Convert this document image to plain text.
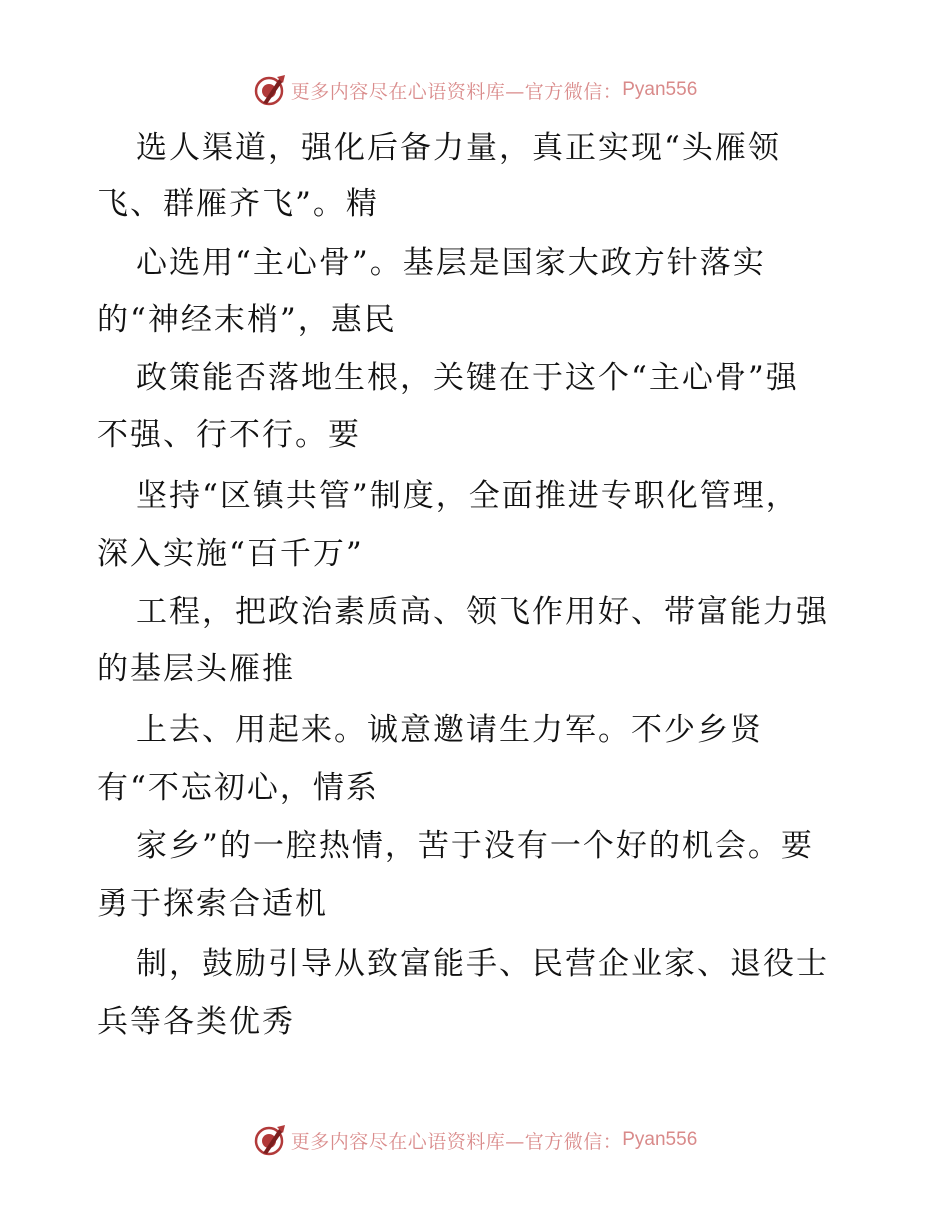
更多内容尽在心语资料库—官方微信： Pyan556
选人渠道，强化后备力量，真正实现“头雁领
飞、群雁齐飞”。精
心选用“主心骨”。基层是国家大政方针落实
的“神经末梢”，惠民
政策能否落地生根，关键在于这个“主心骨”强
不强、行不行。要
坚持“区镇共管”制度，全面推进专职化管理，
深入实施“百千万”
工程，把政治素质高、领飞作用好、带富能力强
的基层头雁推
上去、用起来。诚意邀请生力军。不少乡贤
有“不忘初心，情系
家乡”的一腔热情，苦于没有一个好的机会。要
勇于探索合适机
制，鼓励引导从致富能手、民营企业家、退役士
兵等各类优秀
更多内容尽在心语资料库—官方微信： Pyan556
